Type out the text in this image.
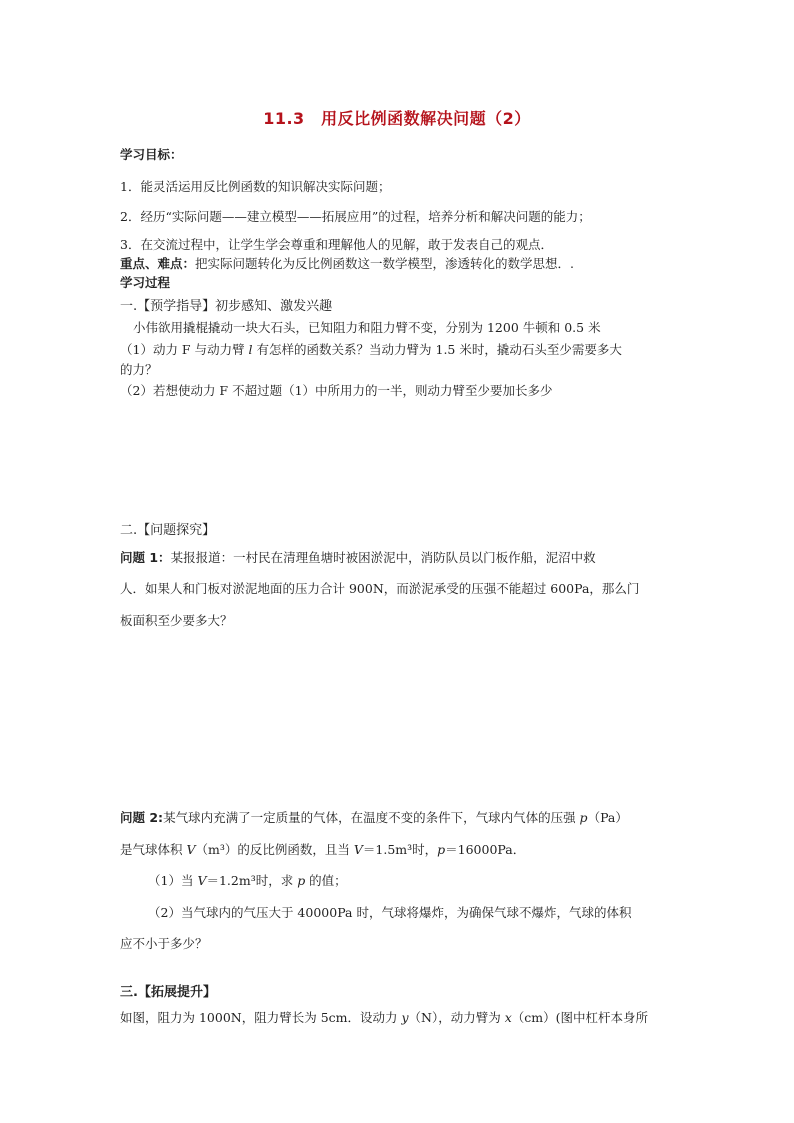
11.3　用反比例函数解决问题（2）
学习目标：
1．能灵活运用反比例函数的知识解决实际问题；
2．经历“实际问题——建立模型——拓展应用”的过程，培养分析和解决问题的能力；
3．在交流过程中，让学生学会尊重和理解他人的见解，敢于发表自己的观点．
重点、难点：把实际问题转化为反比例函数这一数学模型，渗透转化的数学思想．.
学习过程
一.【预学指导】初步感知、激发兴趣
小伟欲用撬棍撬动一块大石头，已知阻力和阻力臂不变，分别为 1200 牛顿和 0.5 米
（1）动力 F 与动力臂 l 有怎样的函数关系？当动力臂为 1.5 米时，撬动石头至少需要多大
的力？
（2）若想使动力 F 不超过题（1）中所用力的一半，则动力臂至少要加长多少
二.【问题探究】
问题 1：某报报道：一村民在清理鱼塘时被困淤泥中，消防队员以门板作船，泥沼中救
人．如果人和门板对淤泥地面的压力合计 900N，而淤泥承受的压强不能超过 600Pa，那么门
板面积至少要多大？
问题 2:某气球内充满了一定质量的气体，在温度不变的条件下，气球内气体的压强 p（Pa）
是气球体积 V（m³）的反比例函数，且当 V＝1.5m³时，p＝16000Pa．
（1）当 V＝1.2m³时，求 p 的值；
（2）当气球内的气压大于 40000Pa 时，气球将爆炸，为确保气球不爆炸，气球的体积
应不小于多少？
三.【拓展提升】
如图，阻力为 1000N，阻力臂长为 5cm．设动力 y（N），动力臂为 x（cm）(图中杠杆本身所
